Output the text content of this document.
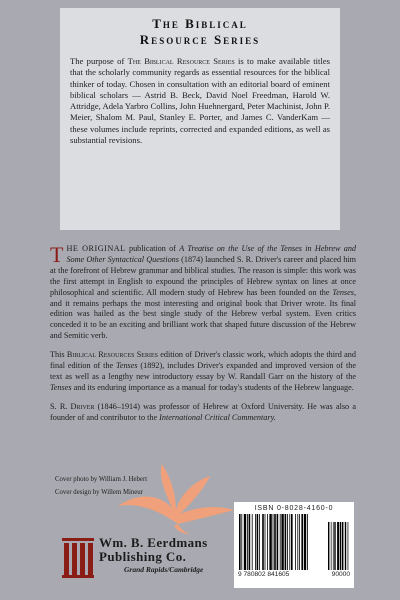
The Biblical
Resource Series
The purpose of The Biblical Resource Series is to make available titles that the scholarly community regards as essential resources for the biblical thinker of today. Chosen in consultation with an editorial board of eminent biblical scholars — Astrid B. Beck, David Noel Freedman, Harold W. Attridge, Adela Yarbro Collins, John Huehnergard, Peter Machinist, John P. Meier, Shalom M. Paul, Stanley E. Porter, and James C. VanderKam — these volumes include reprints, corrected and expanded editions, as well as substantial revisions.

THE ORIGINAL publication of A Treatise on the Use of the Tenses in Hebrew and Some Other Syntactical Questions (1874) launched S. R. Driver's career and placed him at the forefront of Hebrew grammar and biblical studies. The reason is simple: this work was the first attempt in English to expound the principles of Hebrew syntax on lines at once philosophical and scientific. All modern study of Hebrew has been founded on the Tenses, and it remains perhaps the most interesting and original book that Driver wrote. Its final edition was hailed as the best single study of the Hebrew verbal system. Even critics conceded it to be an exciting and brilliant work that shaped future discussion of the Hebrew and Semitic verb.

This Biblical Resources Series edition of Driver's classic work, which adopts the third and final edition of the Tenses (1892), includes Driver's expanded and improved version of the text as well as a lengthy new introductory essay by W. Randall Garr on the history of the Tenses and its enduring importance as a manual for today's students of the Hebrew language.

S. R. Driver (1846–1914) was professor of Hebrew at Oxford University. He was also a founder of and contributor to the International Critical Commentary.

Cover photo by William J. Hebert
Cover design by Willem Mineur
Wm. B. Eerdmans
Publishing Co.
Grand Rapids/Cambridge
ISBN 0-8028-4160-0
9 780802 841605	90000
